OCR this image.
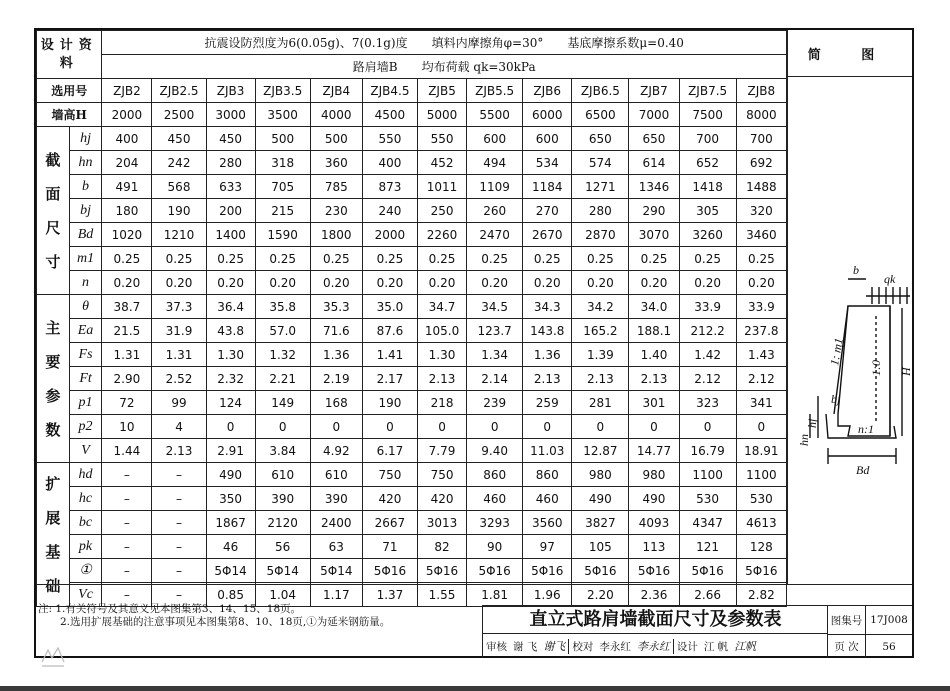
设计资料		抗震设防烈度为6(0.05g)、7(0.1g)度　　填料内摩擦角φ=30°　　基底摩擦系数μ=0.40												
		路肩墙B　　均布荷载 qk=30kPa												
选用号		ZJB2	ZJB2.5	ZJB3	ZJB3.5	ZJB4	ZJB4.5	ZJB5	ZJB5.5	ZJB6	ZJB6.5	ZJB7	ZJB7.5	ZJB8
墙高H		2000	2500	3000	3500	4000	4500	5000	5500	6000	6500	7000	7500	8000
截面尺寸	hj	400	450	450	500	500	550	550	600	600	650	650	700	700
	hn	204	242	280	318	360	400	452	494	534	574	614	652	692
	b	491	568	633	705	785	873	1011	1109	1184	1271	1346	1418	1488
	bj	180	190	200	215	230	240	250	260	270	280	290	305	320
	Bd	1020	1210	1400	1590	1800	2000	2260	2470	2670	2870	3070	3260	3460
	m1	0.25	0.25	0.25	0.25	0.25	0.25	0.25	0.25	0.25	0.25	0.25	0.25	0.25
	n	0.20	0.20	0.20	0.20	0.20	0.20	0.20	0.20	0.20	0.20	0.20	0.20	0.20
主要参数	θ	38.7	37.3	36.4	35.8	35.3	35.0	34.7	34.5	34.3	34.2	34.0	33.9	33.9
	Ea	21.5	31.9	43.8	57.0	71.6	87.6	105.0	123.7	143.8	165.2	188.1	212.2	237.8
	Fs	1.31	1.31	1.30	1.32	1.36	1.41	1.30	1.34	1.36	1.39	1.40	1.42	1.43
	Ft	2.90	2.52	2.32	2.21	2.19	2.17	2.13	2.14	2.13	2.13	2.13	2.12	2.12
	p1	72	99	124	149	168	190	218	239	259	281	301	323	341
	p2	10	4	0	0	0	0	0	0	0	0	0	0	0
	V	1.44	2.13	2.91	3.84	4.92	6.17	7.79	9.40	11.03	12.87	14.77	16.79	18.91
扩展基础	hd	–	–	490	610	610	750	750	860	860	980	980	1100	1100
	hc	–	–	350	390	390	420	420	460	460	490	490	530	530
	bc	–	–	1867	2120	2400	2667	3013	3293	3560	3827	4093	4347	4613
	pk	–	–	46	56	63	71	82	90	97	105	113	121	128
	①	–	–	5Φ14	5Φ14	5Φ14	5Φ16	5Φ16	5Φ16	5Φ16	5Φ16	5Φ16	5Φ16	5Φ16
	Vc	–	–	0.85	1.04	1.17	1.37	1.55	1.81	1.96	2.20	2.36	2.66	2.82
简 图
b
qk
1: m1
1:0 H
bj
hj
hn
n:1
Bd
注: 1.有关符号及其意义见本图集第3、14、15、18页。
2.选用扩展基础的注意事项见本图集第8、10、18页,①为延米钢筋量。	直立式路肩墙截面尺寸及参数表
审核 谢 飞 谢飞 校对 李永红 李永红 设计 江 帆 江帆
图集号 17J008
页 次	56
